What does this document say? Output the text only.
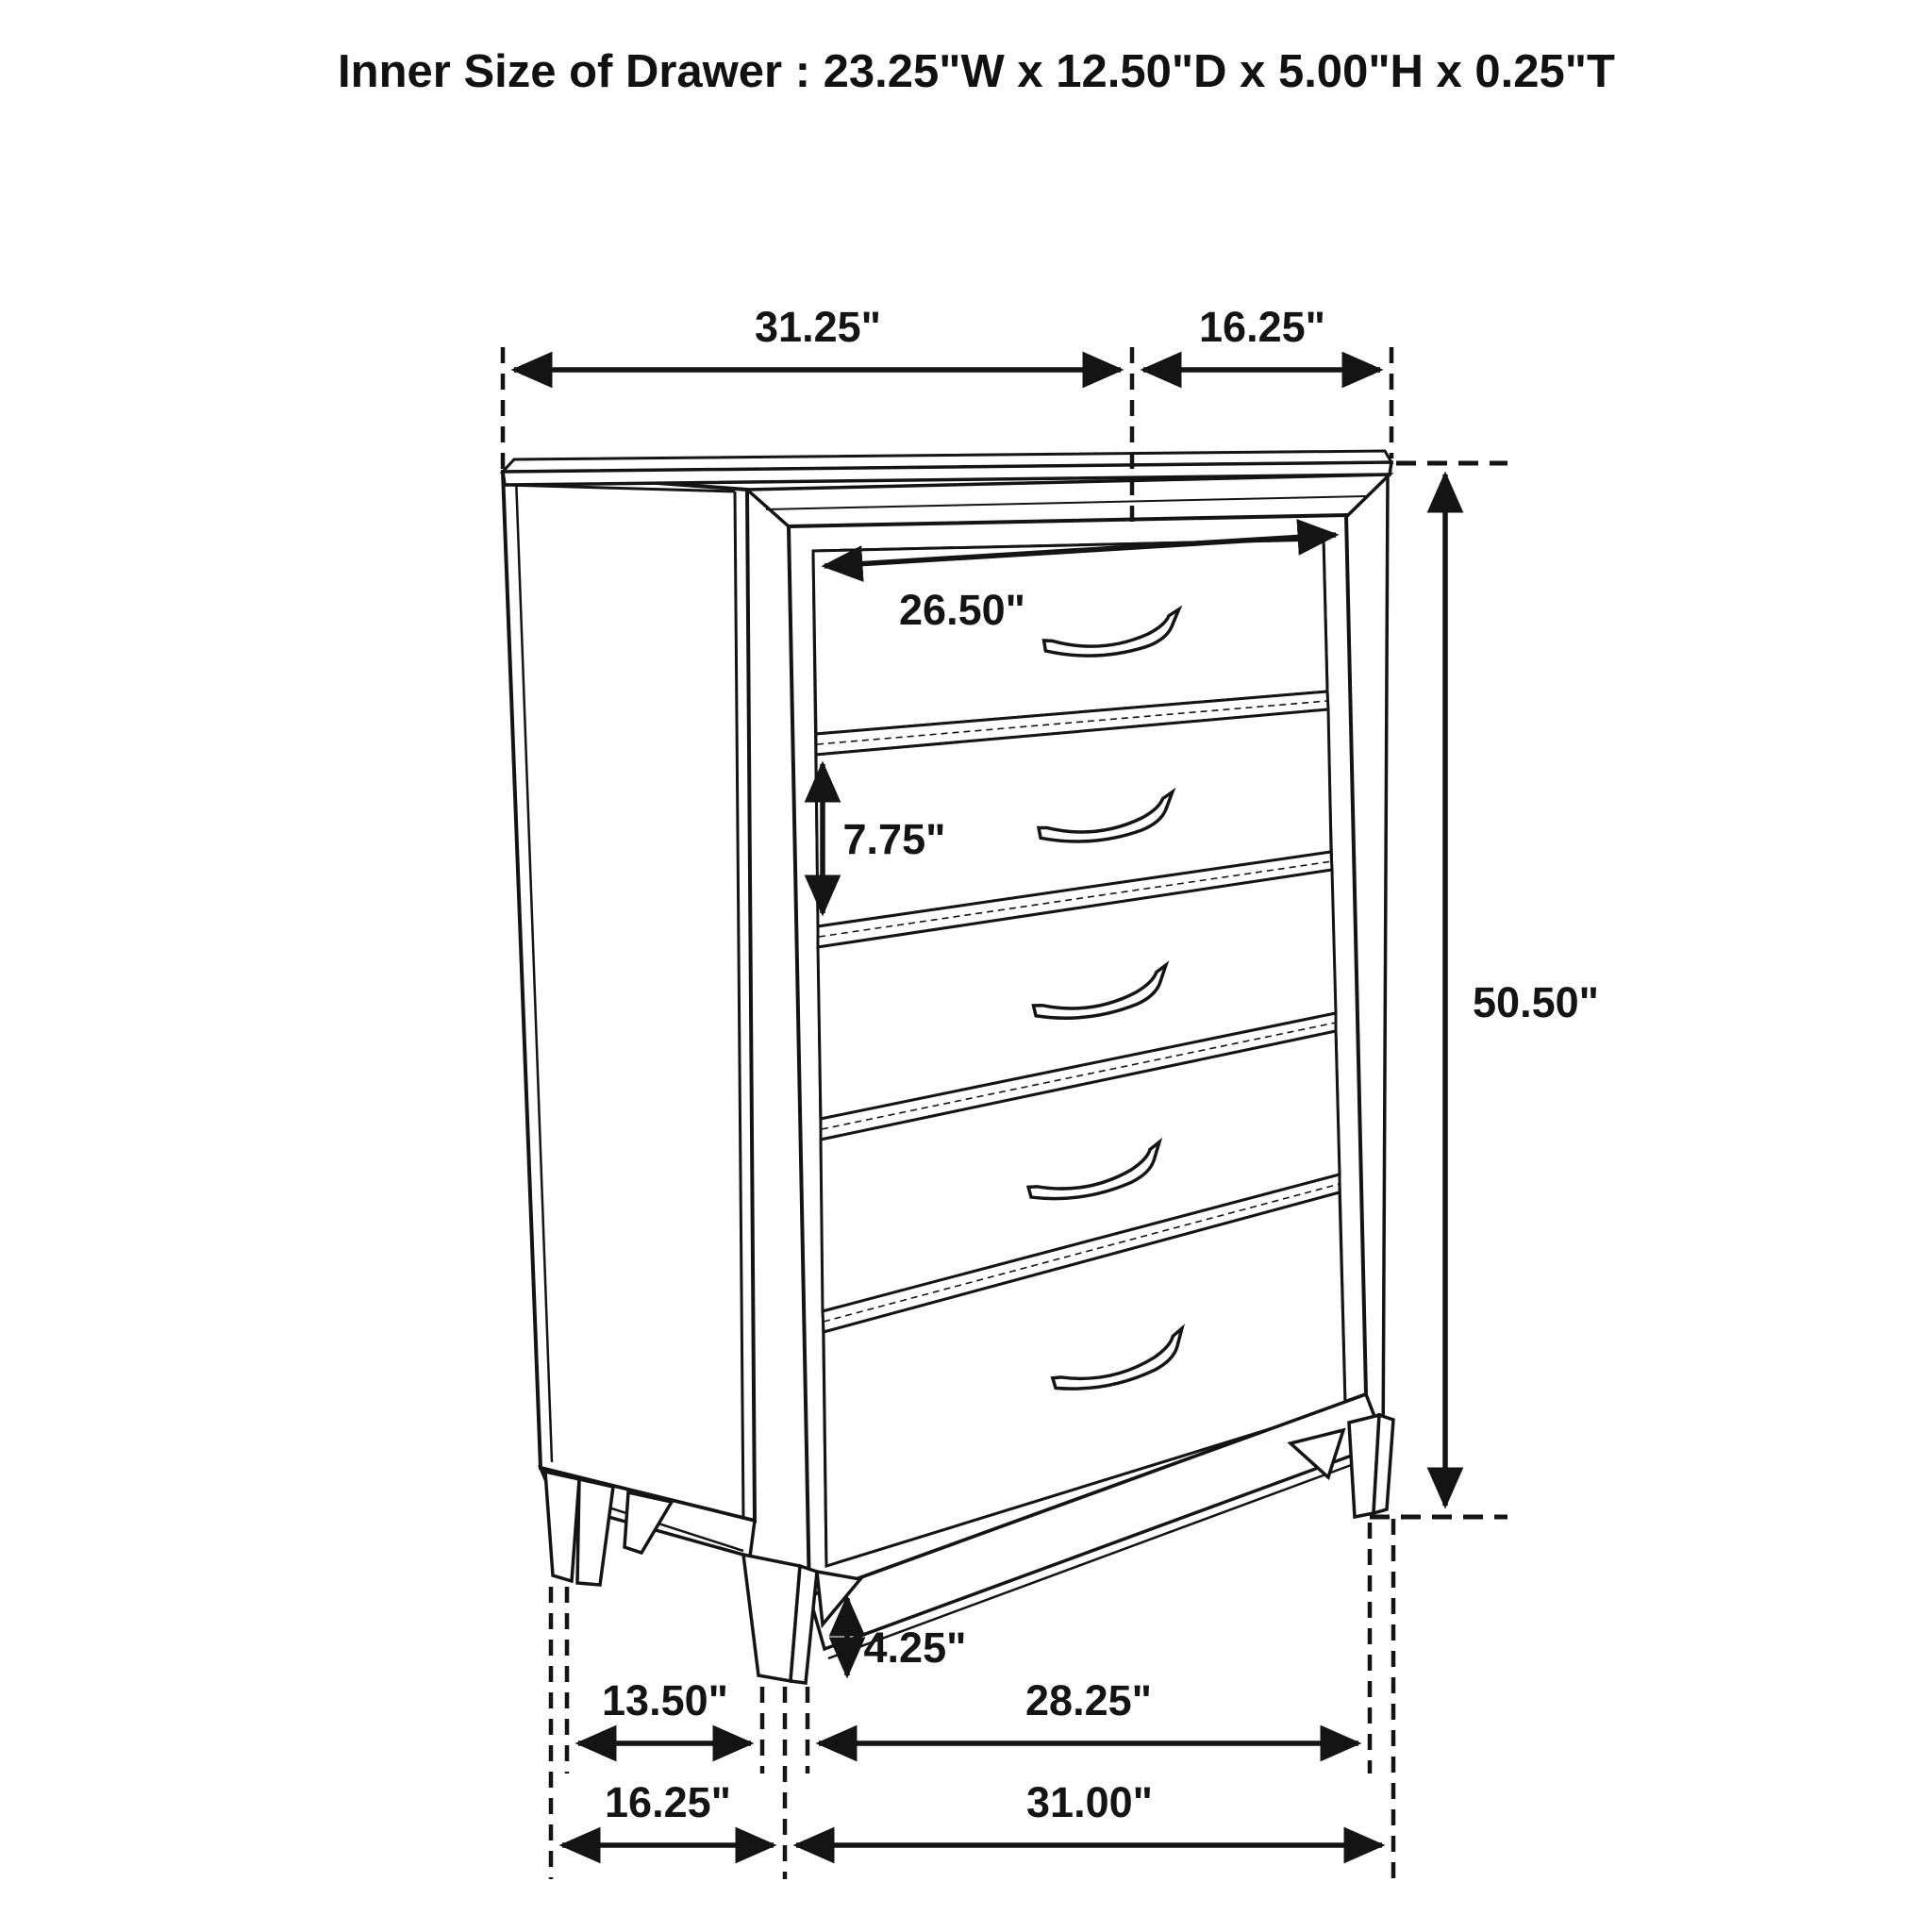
31.25"	16.25"
50.50"
26.50"
7.75"
4.25"
13.50"	28.25"
16.25"	31.00"
Inner Size of Drawer : 23.25"W x 12.50"D x 5.00"H x 0.25"T
